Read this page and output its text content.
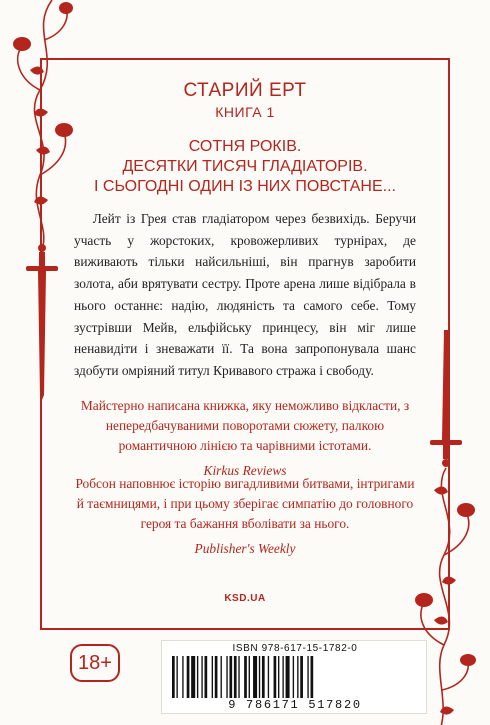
СТАРИЙ ЕРТ
КНИГА 1
СОТНЯ РОКІВ.
ДЕСЯТКИ ТИСЯЧ ГЛАДІАТОРІВ.
І СЬОГОДНІ ОДИН ІЗ НИХ ПОВСТАНЕ...

Лейт із Грея став гладіатором через безвихідь. Беручи участь у жорстоких, кровожерливих турнірах, де виживають тільки найсильніші, він прагнув заробити золота, аби врятувати сестру. Проте арена лише відібрала в нього останнє: надію, людяність та самого себе. Тому зустрівши Мейв, ельфійську принцесу, він міг лише ненавидіти і зневажати її. Та вона запропонувала шанс здобути омріяний титул Кривавого стража і свободу.

Майстерно написана книжка, яку неможливо відкласти, з непередбачуваними поворотами сюжету, палкою романтичною лінією та чарівними істотами.
Kirkus Reviews
Робсон наповнює історію вигадливими битвами, інтригами й таємницями, і при цьому зберігає симпатію до головного героя та бажання вболівати за нього.
Publisher's Weekly
KSD.UA
18+
ISBN 978-617-15-1782-0
9 786171 517820
